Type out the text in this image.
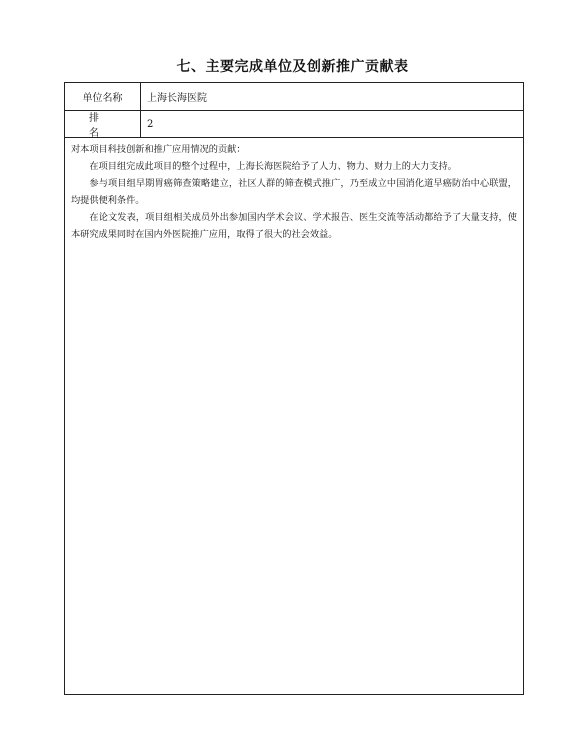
七、主要完成单位及创新推广贡献表
单位名称	上海长海医院
排名
2
对本项目科技创新和推广应用情况的贡献：

在项目组完成此项目的整个过程中，上海长海医院给予了人力、物力、财力上的大力支持。

参与项目组早期胃癌筛查策略建立，社区人群的筛查模式推广，乃至成立中国消化道早癌防治中心联盟，均提供便利条件。

在论文发表，项目组相关成员外出参加国内学术会议、学术报告、医生交流等活动都给予了大量支持，使本研究成果同时在国内外医院推广应用，取得了很大的社会效益。
